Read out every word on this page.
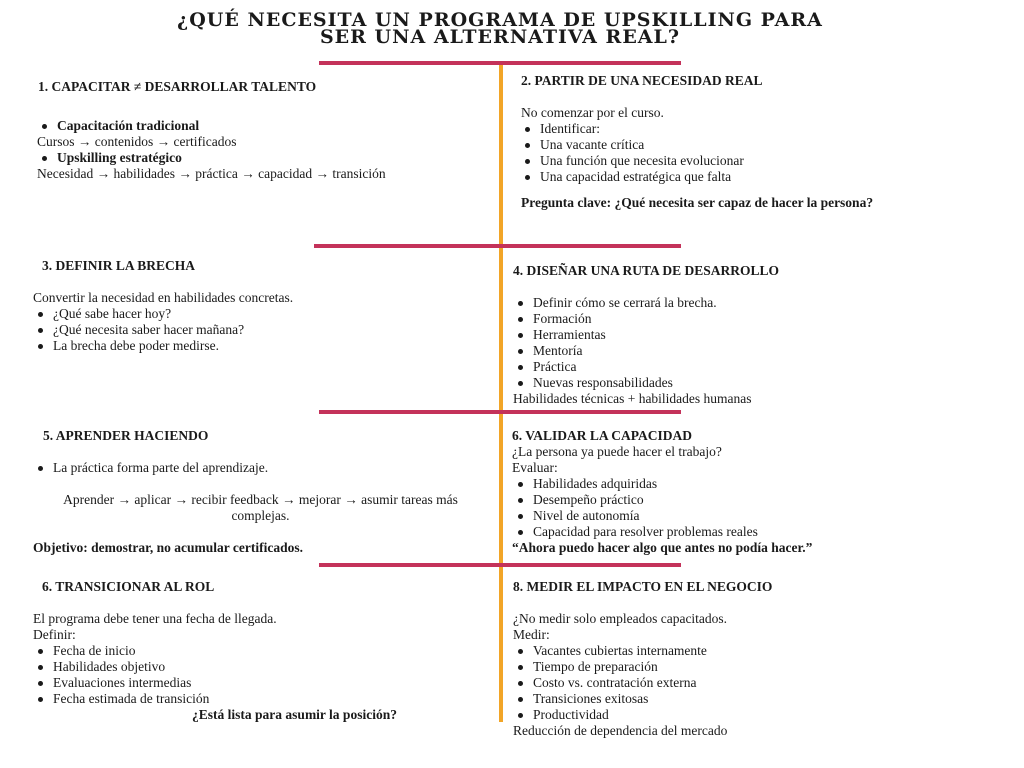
¿QUÉ NECESITA UN PROGRAMA DE UPSKILLING PARA
SER UNA ALTERNATIVA REAL?
1. CAPACITAR ≠ DESARROLLAR TALENTO
Capacitación tradicional
Cursos → contenidos → certificados
Upskilling estratégico
Necesidad → habilidades → práctica → capacidad → transición
2. PARTIR DE UNA NECESIDAD REAL
No comenzar por el curso.
Identificar:
Una vacante crítica
Una función que necesita evolucionar
Una capacidad estratégica que falta
Pregunta clave: ¿Qué necesita ser capaz de hacer la persona?
3. DEFINIR LA BRECHA
Convertir la necesidad en habilidades concretas.
¿Qué sabe hacer hoy?
¿Qué necesita saber hacer mañana?
La brecha debe poder medirse.
4. DISEÑAR UNA RUTA DE DESARROLLO
Definir cómo se cerrará la brecha.
Formación
Herramientas
Mentoría
Práctica
Nuevas responsabilidades
Habilidades técnicas + habilidades humanas
5. APRENDER HACIENDO
La práctica forma parte del aprendizaje.
Aprender → aplicar → recibir feedback → mejorar → asumir tareas más
complejas.
Objetivo: demostrar, no acumular certificados.
6. VALIDAR LA CAPACIDAD
¿La persona ya puede hacer el trabajo?
Evaluar:
Habilidades adquiridas
Desempeño práctico
Nivel de autonomía
Capacidad para resolver problemas reales
“Ahora puedo hacer algo que antes no podía hacer.”
6. TRANSICIONAR AL ROL
El programa debe tener una fecha de llegada.
Definir:
Fecha de inicio
Habilidades objetivo
Evaluaciones intermedias
Fecha estimada de transición
¿Está lista para asumir la posición?
8. MEDIR EL IMPACTO EN EL NEGOCIO
¿No medir solo empleados capacitados.
Medir:
Vacantes cubiertas internamente
Tiempo de preparación
Costo vs. contratación externa
Transiciones exitosas
Productividad
Reducción de dependencia del mercado
